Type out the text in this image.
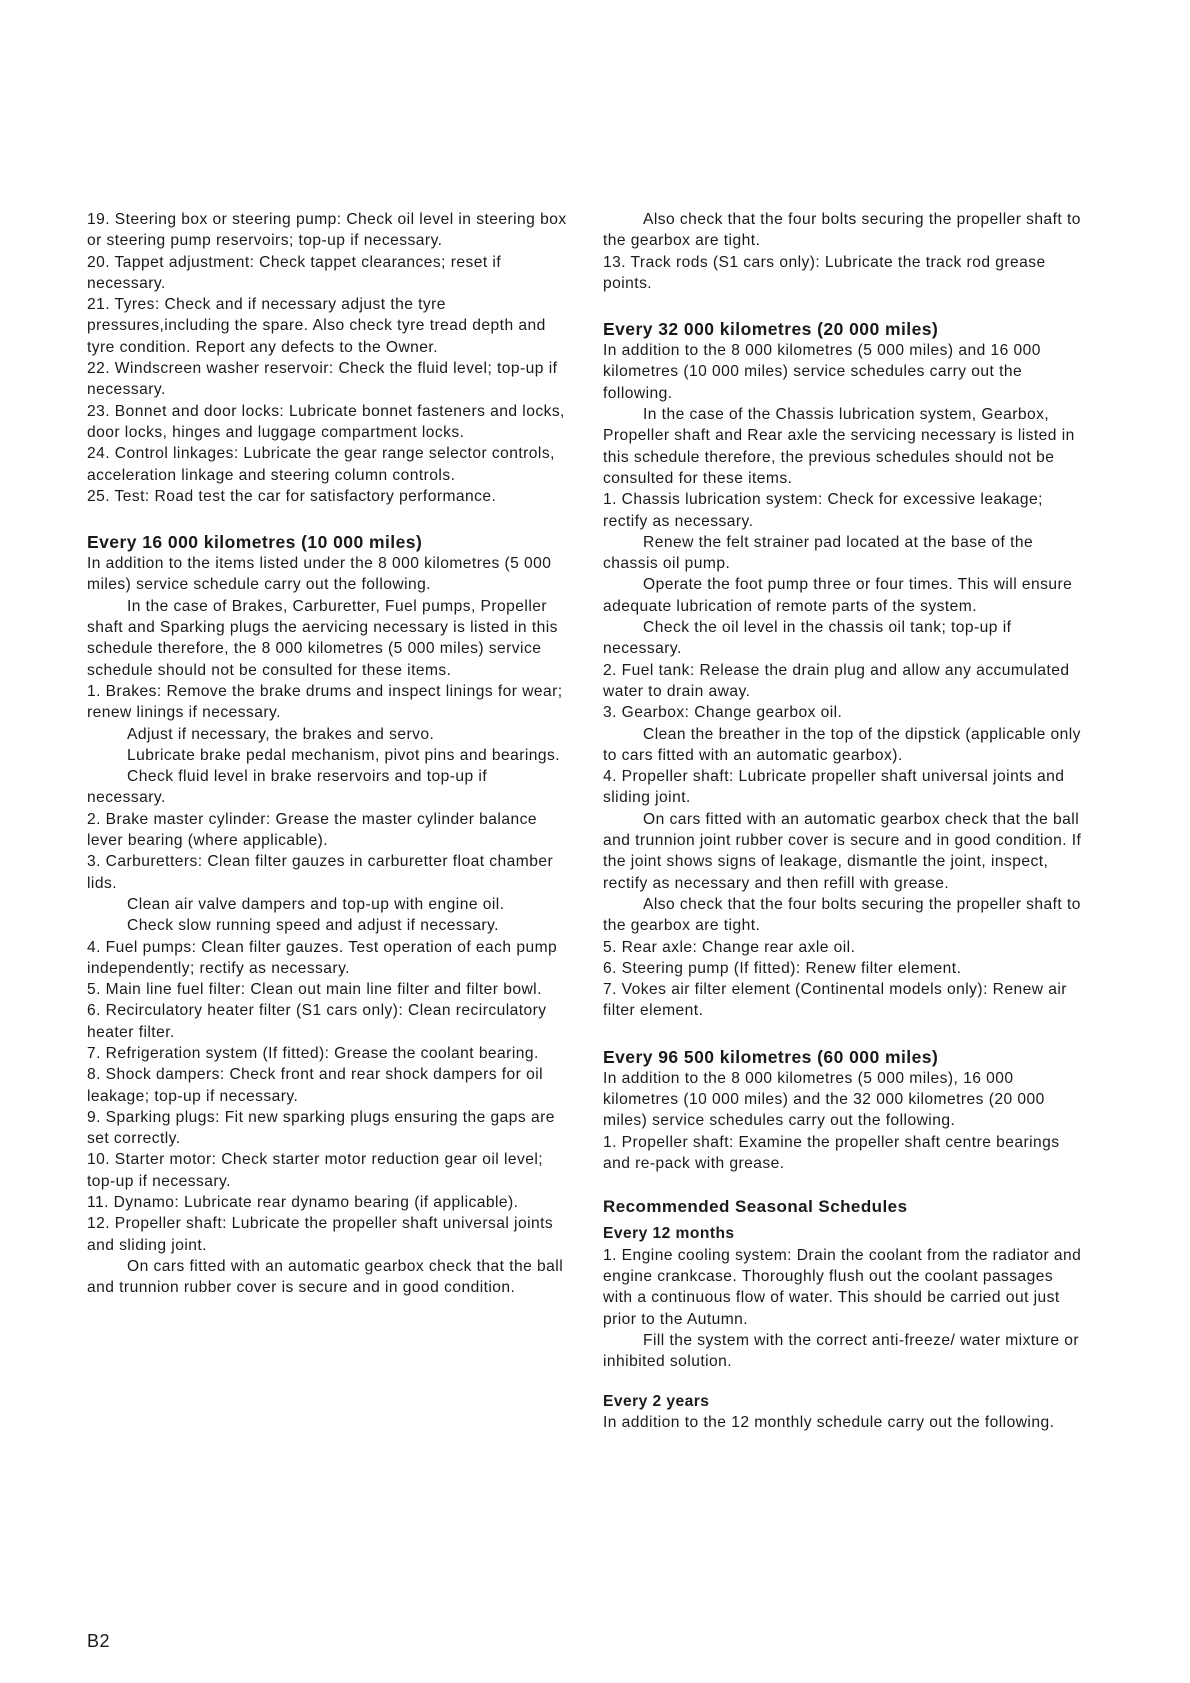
19. Steering box or steering pump: Check oil level in steering box or steering pump reservoirs; top-up if necessary.

20. Tappet adjustment: Check tappet clearances; reset if necessary.

21. Tyres: Check and if necessary adjust the tyre pressures,including the spare. Also check tyre tread depth and tyre condition. Report any defects to the Owner.

22. Windscreen washer reservoir: Check the fluid level; top-up if necessary.

23. Bonnet and door locks: Lubricate bonnet fasteners and locks, door locks, hinges and luggage compartment locks.

24. Control linkages: Lubricate the gear range selector controls, acceleration linkage and steering column controls.

25. Test: Road test the car for satisfactory performance.

Every 16 000 kilometres (10 000 miles)

In addition to the items listed under the 8 000 kilometres (5 000 miles) service schedule carry out the following.

In the case of Brakes, Carburetter, Fuel pumps, Propeller shaft and Sparking plugs the aervicing necessary is listed in this schedule therefore, the 8 000 kilometres (5 000 miles) service schedule should not be consulted for these items.

1. Brakes: Remove the brake drums and inspect linings for wear; renew linings if necessary.

Adjust if necessary, the brakes and servo.

Lubricate brake pedal mechanism, pivot pins and bearings.

Check fluid level in brake reservoirs and top-up if necessary.

2. Brake master cylinder: Grease the master cylinder balance lever bearing (where applicable).

3. Carburetters: Clean filter gauzes in carburetter float chamber lids.

Clean air valve dampers and top-up with engine oil.

Check slow running speed and adjust if necessary.

4. Fuel pumps: Clean filter gauzes. Test operation of each pump independently; rectify as necessary.

5. Main line fuel filter: Clean out main line filter and filter bowl.

6. Recirculatory heater filter (S1 cars only): Clean recirculatory heater filter.

7. Refrigeration system (If fitted): Grease the coolant bearing.

8. Shock dampers: Check front and rear shock dampers for oil leakage; top-up if necessary.

9. Sparking plugs: Fit new sparking plugs ensuring the gaps are set correctly.

10. Starter motor: Check starter motor reduction gear oil level; top-up if necessary.

11. Dynamo: Lubricate rear dynamo bearing (if applicable).

12. Propeller shaft: Lubricate the propeller shaft universal joints and sliding joint.

On cars fitted with an automatic gearbox check that the ball and trunnion rubber cover is secure and in good condition.

Also check that the four bolts securing the propeller shaft to the gearbox are tight.

13. Track rods (S1 cars only): Lubricate the track rod grease points.

Every 32 000 kilometres (20 000 miles)

In addition to the 8 000 kilometres (5 000 miles) and 16 000 kilometres (10 000 miles) service schedules carry out the following.

In the case of the Chassis lubrication system, Gearbox, Propeller shaft and Rear axle the servicing necessary is listed in this schedule therefore, the previous schedules should not be consulted for these items.

1. Chassis lubrication system: Check for excessive leakage; rectify as necessary.

Renew the felt strainer pad located at the base of the chassis oil pump.

Operate the foot pump three or four times. This will ensure adequate lubrication of remote parts of the system.

Check the oil level in the chassis oil tank; top-up if necessary.

2. Fuel tank: Release the drain plug and allow any accumulated water to drain away.

3. Gearbox: Change gearbox oil.

Clean the breather in the top of the dipstick (applicable only to cars fitted with an automatic gearbox).

4. Propeller shaft: Lubricate propeller shaft universal joints and sliding joint.

On cars fitted with an automatic gearbox check that the ball and trunnion joint rubber cover is secure and in good condition. If the joint shows signs of leakage, dismantle the joint, inspect, rectify as necessary and then refill with grease.

Also check that the four bolts securing the propeller shaft to the gearbox are tight.

5. Rear axle: Change rear axle oil.

6. Steering pump (If fitted): Renew filter element.

7. Vokes air filter element (Continental models only): Renew air filter element.

Every 96 500 kilometres (60 000 miles)

In addition to the 8 000 kilometres (5 000 miles), 16 000 kilometres (10 000 miles) and the 32 000 kilometres (20 000 miles) service schedules carry out the following.

1. Propeller shaft: Examine the propeller shaft centre bearings and re-pack with grease.

Recommended Seasonal Schedules
Every 12 months

1. Engine cooling system: Drain the coolant from the radiator and engine crankcase. Thoroughly flush out the coolant passages with a continuous flow of water. This should be carried out just prior to the Autumn.

Fill the system with the correct anti-freeze/ water mixture or inhibited solution.

Every 2 years

In addition to the 12 monthly schedule carry out the following.

B2
